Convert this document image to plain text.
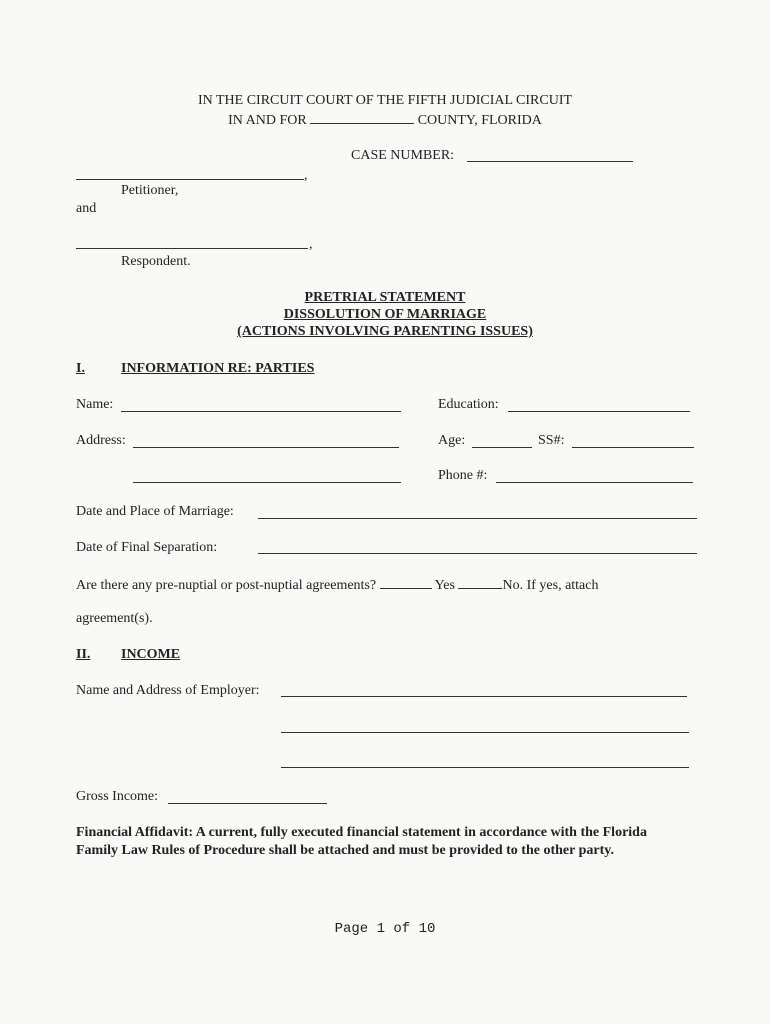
IN THE CIRCUIT COURT OF THE FIFTH JUDICIAL CIRCUIT
IN AND FOR	COUNTY, FLORIDA
CASE NUMBER:
,
Petitioner,
and
,
Respondent.
PRETRIAL STATEMENT
DISSOLUTION OF MARRIAGE
(ACTIONS INVOLVING PARENTING ISSUES)
I.	INFORMATION RE: PARTIES
Name:	Education:
Address:	Age:	SS#:
Phone #:
Date and Place of Marriage:
Date of Final Separation:
Are there any pre-nuptial or post-nuptial agreements?	Yes	No. If yes, attach
agreement(s).
II. INCOME
Name and Address of Employer:
Gross Income:
Financial Affidavit: A current, fully executed financial statement in accordance with the Florida
Family Law Rules of Procedure shall be attached and must be provided to the other party.
Page 1 of 10
